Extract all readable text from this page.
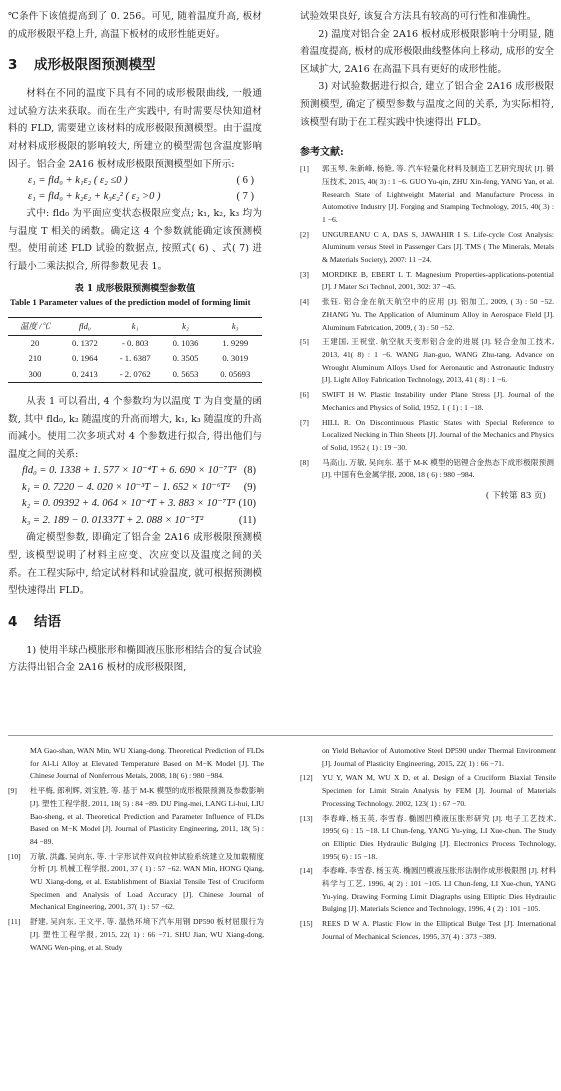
℃条件下该值提高到了 0. 256。可见, 随着温度升高, 板材的成形极限平稳上升, 高温下板材的成形性能更好。

3 成形极限图预测模型

材料在不同的温度下具有不同的成形极限曲线, 一般通过试验方法来获取。而在生产实践中, 有时需要尽快知道材料的 FLD, 需要建立该材料的成形极限预测模型。由于温度对材料成形极限的影响较大, 所建立的模型需包含温度影响因子。铝合金 2A16 板材成形极限预测模型如下所示:

ε₁ = fld₀ + k₁ε₂ ( ε₂ ≤0 )	( 6 )
ε₁ = fld₀ + k₂ε₂ + k₃ε₂² ( ε₂ >0 )	( 7 )

式中: fld₀ 为平面应变状态极限应变点; k₁, k₂, k₃ 均为与温度 T 相关的函数。确定这 4 个参数就能确定该预测模型。使用前述 FLD 试验的数据点, 按照式( 6) 、式( 7) 进行最小二乘法拟合, 所得参数见表 1。

表 1 成形极限预测模型参数值
Table 1 Parameter values of the prediction model of forming limit
温度 /℃	fld₀	k₁	k₂	k₃
20	0. 1372	- 0. 803	0. 1036	1. 9299
210	0. 1964	- 1. 6387	0. 3505	0. 3019
300	0. 2413	- 2. 0762	0. 5653	0. 05693

从表 1 可以看出, 4 个参数均为以温度 T 为自变量的函数, 其中 fld₀, k₂ 随温度的升高而增大, k₁, k₃ 随温度的升高而减小。使用二次多项式对 4 个参数进行拟合, 得出他们与温度之间的关系:

fld₀ = 0. 1338 + 1. 577 × 10⁻⁴T + 6. 690 × 10⁻⁷T² (8)
k₁ = 0. 7220 − 4. 020 × 10⁻³T − 1. 652 × 10⁻⁶T² (9)
k₂ = 0. 09392 + 4. 064 × 10⁻⁴T + 3. 883 × 10⁻⁷T² (10)
k₃ = 2. 189 − 0. 01337T + 2. 088 × 10⁻⁵T²	(11)

确定模型参数, 即确定了铝合金 2A16 成形极限预测模型, 该模型说明了材料主应变、次应变以及温度之间的关系。在工程实际中, 给定试材料和试验温度, 就可根据预测模型快速得出 FLD。

4 结语

1) 使用半球凸模胀形和椭圆液压胀形相结合的复合试验方法得出铝合金 2A16 板材的成形极限图,

试验效果良好, 该复合方法具有较高的可行性和准确性。

2) 温度对铝合金 2A16 板材成形极限影响十分明显, 随着温度提高, 板材的成形极限曲线整体向上移动, 成形的安全区域扩大, 2A16 在高温下具有更好的成形性能。

3) 对试验数据进行拟合, 建立了铝合金 2A16 成形极限预测模型, 确定了模型参数与温度之间的关系, 为实际相符, 该模型有助于在工程实践中快速得出 FLD。

参考文献:
[1]	郭玉琴, 朱新峰, 杨艳, 等. 汽车轻量化材料及制造工艺研究现状 [J]. 锻压技术, 2015, 40( 3) : 1 −6. GUO Yu-qin, ZHU Xin-feng, YANG Yan, et al. Research State of Lightweight Material and Manufacture Process in Automotive Industry [J]. Forging and Stamping Technology, 2015, 40( 3) : 1 −6.
[2]	UNGUREANU C A, DAS S, JAWAHIR I S. Life-cycle Cost Analysis: Aluminum versus Steel in Passenger Cars [J]. TMS ( The Minerals, Metals & Materials Society), 2007: 11 −24.
[3]	MORDIKE B, EBERT L T. Magnesium Properties-applications-potential [J]. J Mater Sci Technol, 2001, 302: 37 −45.
[4]	张钰. 铝合金在航天航空中的应用 [J]. 铝加工, 2009, ( 3) : 50 −52. ZHANG Yu. The Application of Aluminum Alloy in Aerospace Field [J]. Aluminum Fabrication, 2009, ( 3) : 50 −52.
[5]	王建国, 王祝堂. 航空航天变形铝合金的进展 [J]. 轻合金加工技术, 2013, 41( 8) : 1 −6. WANG Jian-guo, WANG Zhu-tang. Advance on Wrought Aluminum Alloys Used for Aeronautic and Astronautic Industry [J]. Light Alloy Fabrication Technology, 2013, 41 ( 8) : 1 −6.
[6]	SWIFT H W. Plastic Instability under Plane Stress [J]. Journal of the Mechanics and Physics of Solid, 1952, 1 ( 1) : 1 −18.
[7]	HILL R. On Discontinuous Plastic States with Special Reference to Localized Necking in Thin Sheets [J]. Journal of the Mechanics and Physics of Solid, 1952 ( 1) : 19 −30.
[8]	马高山, 万敏, 吴向东. 基于 M-K 模型的铝锂合金热态下成形极限预测 [J]. 中国有色金属学报, 2008, 18 ( 6) : 980 −984.
( 下转第 83 页)
MA Gao-shan, WAN Min, WU Xiang-dong. Theoretical Prediction of FLDs for Al-Li Alloy at Elevated Temperature Based on M−K Model [J]. The Chinese Journal of Nonferrous Metals, 2008, 18( 6) : 980 −984.
[9]	杜平梅, 郎利辉, 刘宝胜, 等. 基于 M-K 模型的成形极限预测及参数影响 [J]. 塑性工程学报, 2011, 18( 5) : 84 −89. DU Ping-mei, LANG Li-hui, LIU Bao-sheng, et al. Theoretical Prediction and Parameter Influence of FLDs Based on M−K Model [J]. Journal of Plasticity Engineering, 2011, 18( 5) : 84 −89.
[10]	万敏, 洪鑫, 吴向东, 等. 十字形试件双向拉伸试验系统建立及加载精度分析 [J]. 机械工程学报, 2001, 37 ( 1) : 57 −62. WAN Min, HONG Qiang, WU Xiang-dong, et al. Establishment of Biaxial Tensile Test of Cruciform Specimen and Analysis of Load Accuracy [J]. Chinese Journal of Mechanical Engineering, 2001, 37( 1) : 57 −62.
[11]	舒建, 吴向东, 王文平, 等. 温热环境下汽车用钢 DP590 板材屈服行为 [J]. 塑性工程学报, 2015, 22( 1) : 66 −71. SHU Jian, WU Xiang-dong, WANG Wen-ping, et al. Study
on Yield Behavior of Automotive Steel DP590 under Thermal Environment [J]. Journal of Plasticity Engineering, 2015, 22( 1) : 66 −71.
[12]	YU Y, WAN M, WU X D, et al. Design of a Cruciform Biaxial Tensile Specimen for Limit Strain Analysis by FEM [J]. Journal of Materials Processing Technology. 2002, 123( 1) : 67 −70.
[13]	李春峰, 杨玉英, 李雪春. 椭圆凹模液压胀形研究 [J]. 电子工艺技术, 1995( 6) : 15 −18. LI Chun-feng, YANG Yu-ying, LI Xue-chun. The Study on Elliptic Dies Hydraulic Bulging [J]. Electronics Process Technology, 1995( 6) : 15 −18.
[14]	李春峰, 李雪春, 杨玉英. 椭圆凹模液压胀形法制作成形极限图 [J]. 材料科学与工艺, 1996, 4( 2) : 101 −105. LI Chun-feng, LI Xue-chun, YANG Yu-ying. Drawing Forming Limit Diagraphs using Elliptic Dies Hydraulic Bulging [J]. Materials Science and Technology, 1996, 4 ( 2) : 101 −105.
[15]	REES D W A. Plastic Flow in the Elliptical Bulge Test [J]. International Journal of Mechanical Sciences, 1995, 37( 4) : 373 −389.
